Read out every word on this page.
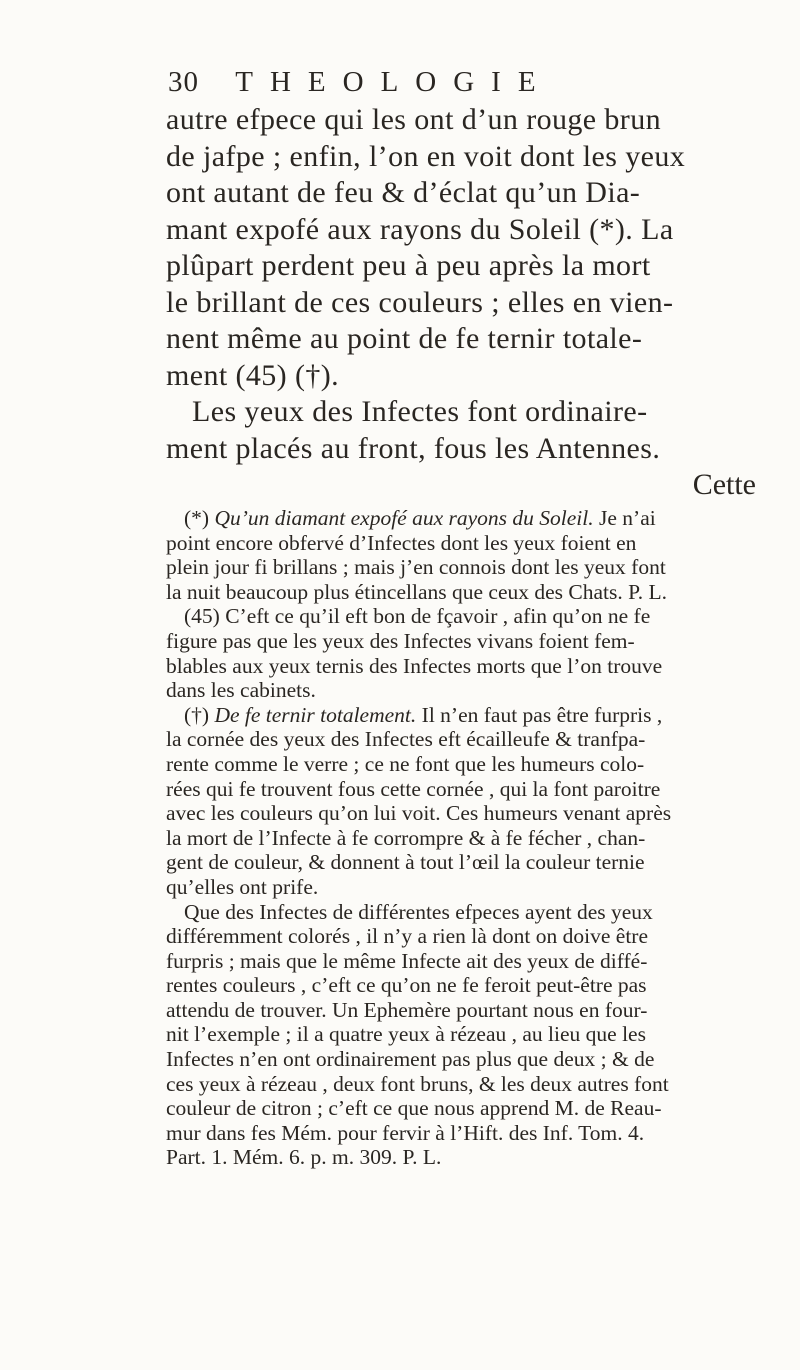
30 THEOLOGIE
autre efpece qui les ont d’un rouge brun
de jafpe ; enfin, l’on en voit dont les yeux
ont autant de feu & d’éclat qu’un Dia-
mant expofé aux rayons du Soleil (*). La
plûpart perdent peu à peu après la mort
le brillant de ces couleurs ; elles en vien-
nent même au point de fe ternir totale-
ment (45) (†).
Les yeux des Infectes font ordinaire-
ment placés au front, fous les Antennes.
Cette
(*) Qu’un diamant expofé aux rayons du Soleil. Je n’ai
point encore obfervé d’Infectes dont les yeux foient en
plein jour fi brillans ; mais j’en connois dont les yeux font
la nuit beaucoup plus étincellans que ceux des Chats. P. L.
(45) C’eft ce qu’il eft bon de fçavoir , afin qu’on ne fe
figure pas que les yeux des Infectes vivans foient fem-
blables aux yeux ternis des Infectes morts que l’on trouve
dans les cabinets.
(†) De fe ternir totalement. Il n’en faut pas être furpris ,
la cornée des yeux des Infectes eft écailleufe & tranfpa-
rente comme le verre ; ce ne font que les humeurs colo-
rées qui fe trouvent fous cette cornée , qui la font paroitre
avec les couleurs qu’on lui voit. Ces humeurs venant après
la mort de l’Infecte à fe corrompre & à fe fécher , chan-
gent de couleur, & donnent à tout l’œil la couleur ternie
qu’elles ont prife.
Que des Infectes de différentes efpeces ayent des yeux
différemment colorés , il n’y a rien là dont on doive être
furpris ; mais que le même Infecte ait des yeux de diffé-
rentes couleurs , c’eft ce qu’on ne fe feroit peut-être pas
attendu de trouver. Un Ephemère pourtant nous en four-
nit l’exemple ; il a quatre yeux à rézeau , au lieu que les
Infectes n’en ont ordinairement pas plus que deux ; & de
ces yeux à rézeau , deux font bruns, & les deux autres font
couleur de citron ; c’eft ce que nous apprend M. de Reau-
mur dans fes Mém. pour fervir à l’Hift. des Inf. Tom. 4.
Part. 1. Mém. 6. p. m. 309. P. L.
